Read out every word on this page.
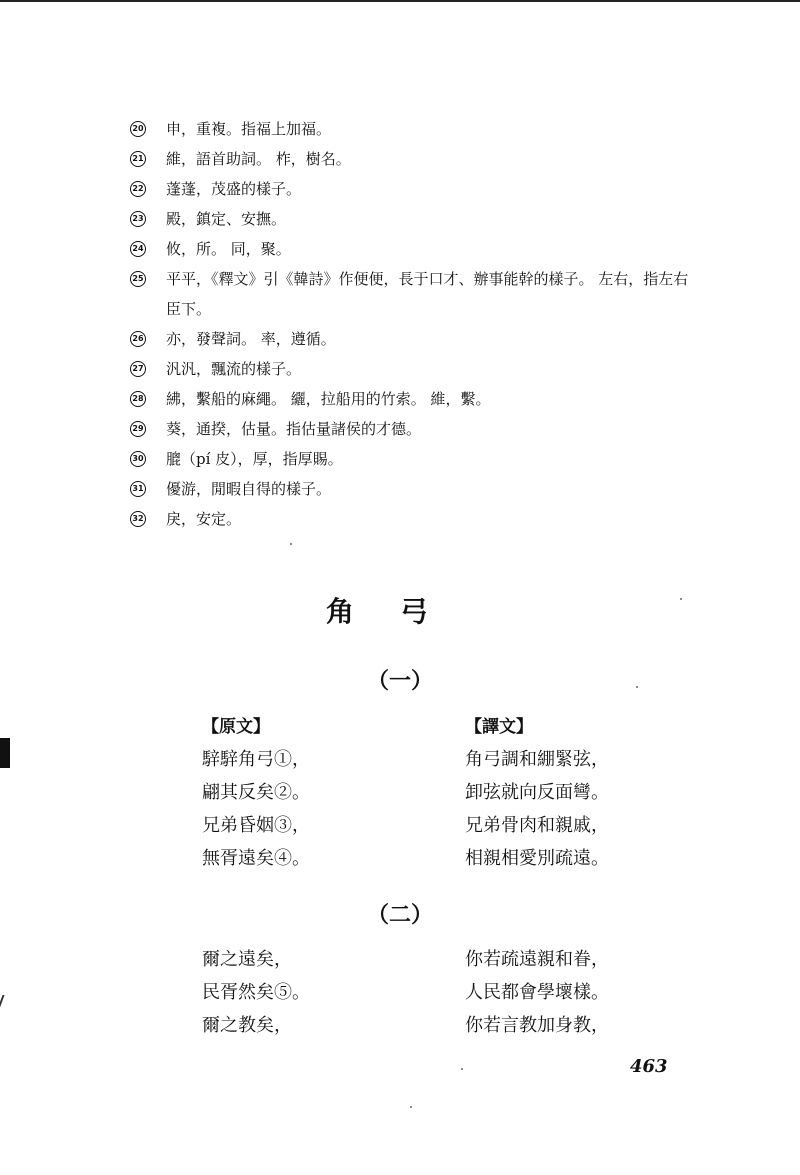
20 申，重複。指福上加福。
21 維，語首助詞。 柞，樹名。
22 蓬蓬，茂盛的樣子。
23 殿，鎮定、安撫。
24 攸，所。 同，聚。
25 平平，《釋文》引《韓詩》作便便，長于口才、辦事能幹的樣子。 左右，指左右臣下。
26 亦，發聲詞。 率，遵循。
27 汎汎，飄流的樣子。
28 紼，繫船的麻繩。 纚，拉船用的竹索。 維，繫。
29 葵，通揆，估量。指估量諸侯的才德。
30 膍（pí 皮），厚，指厚賜。
31 優游，閒暇自得的樣子。
32 戾，安定。
角弓
（一）
【原文】
騂騂角弓①，
翩其反矣②。
兄弟昏姻③，
無胥遠矣④。
【譯文】
角弓調和綳緊弦，
卸弦就向反面彎。
兄弟骨肉和親戚，
相親相愛別疏遠。
（二）
爾之遠矣，
民胥然矣⑤。
爾之教矣，
你若疏遠親和眷，
人民都會學壞樣。
你若言教加身教，
463
